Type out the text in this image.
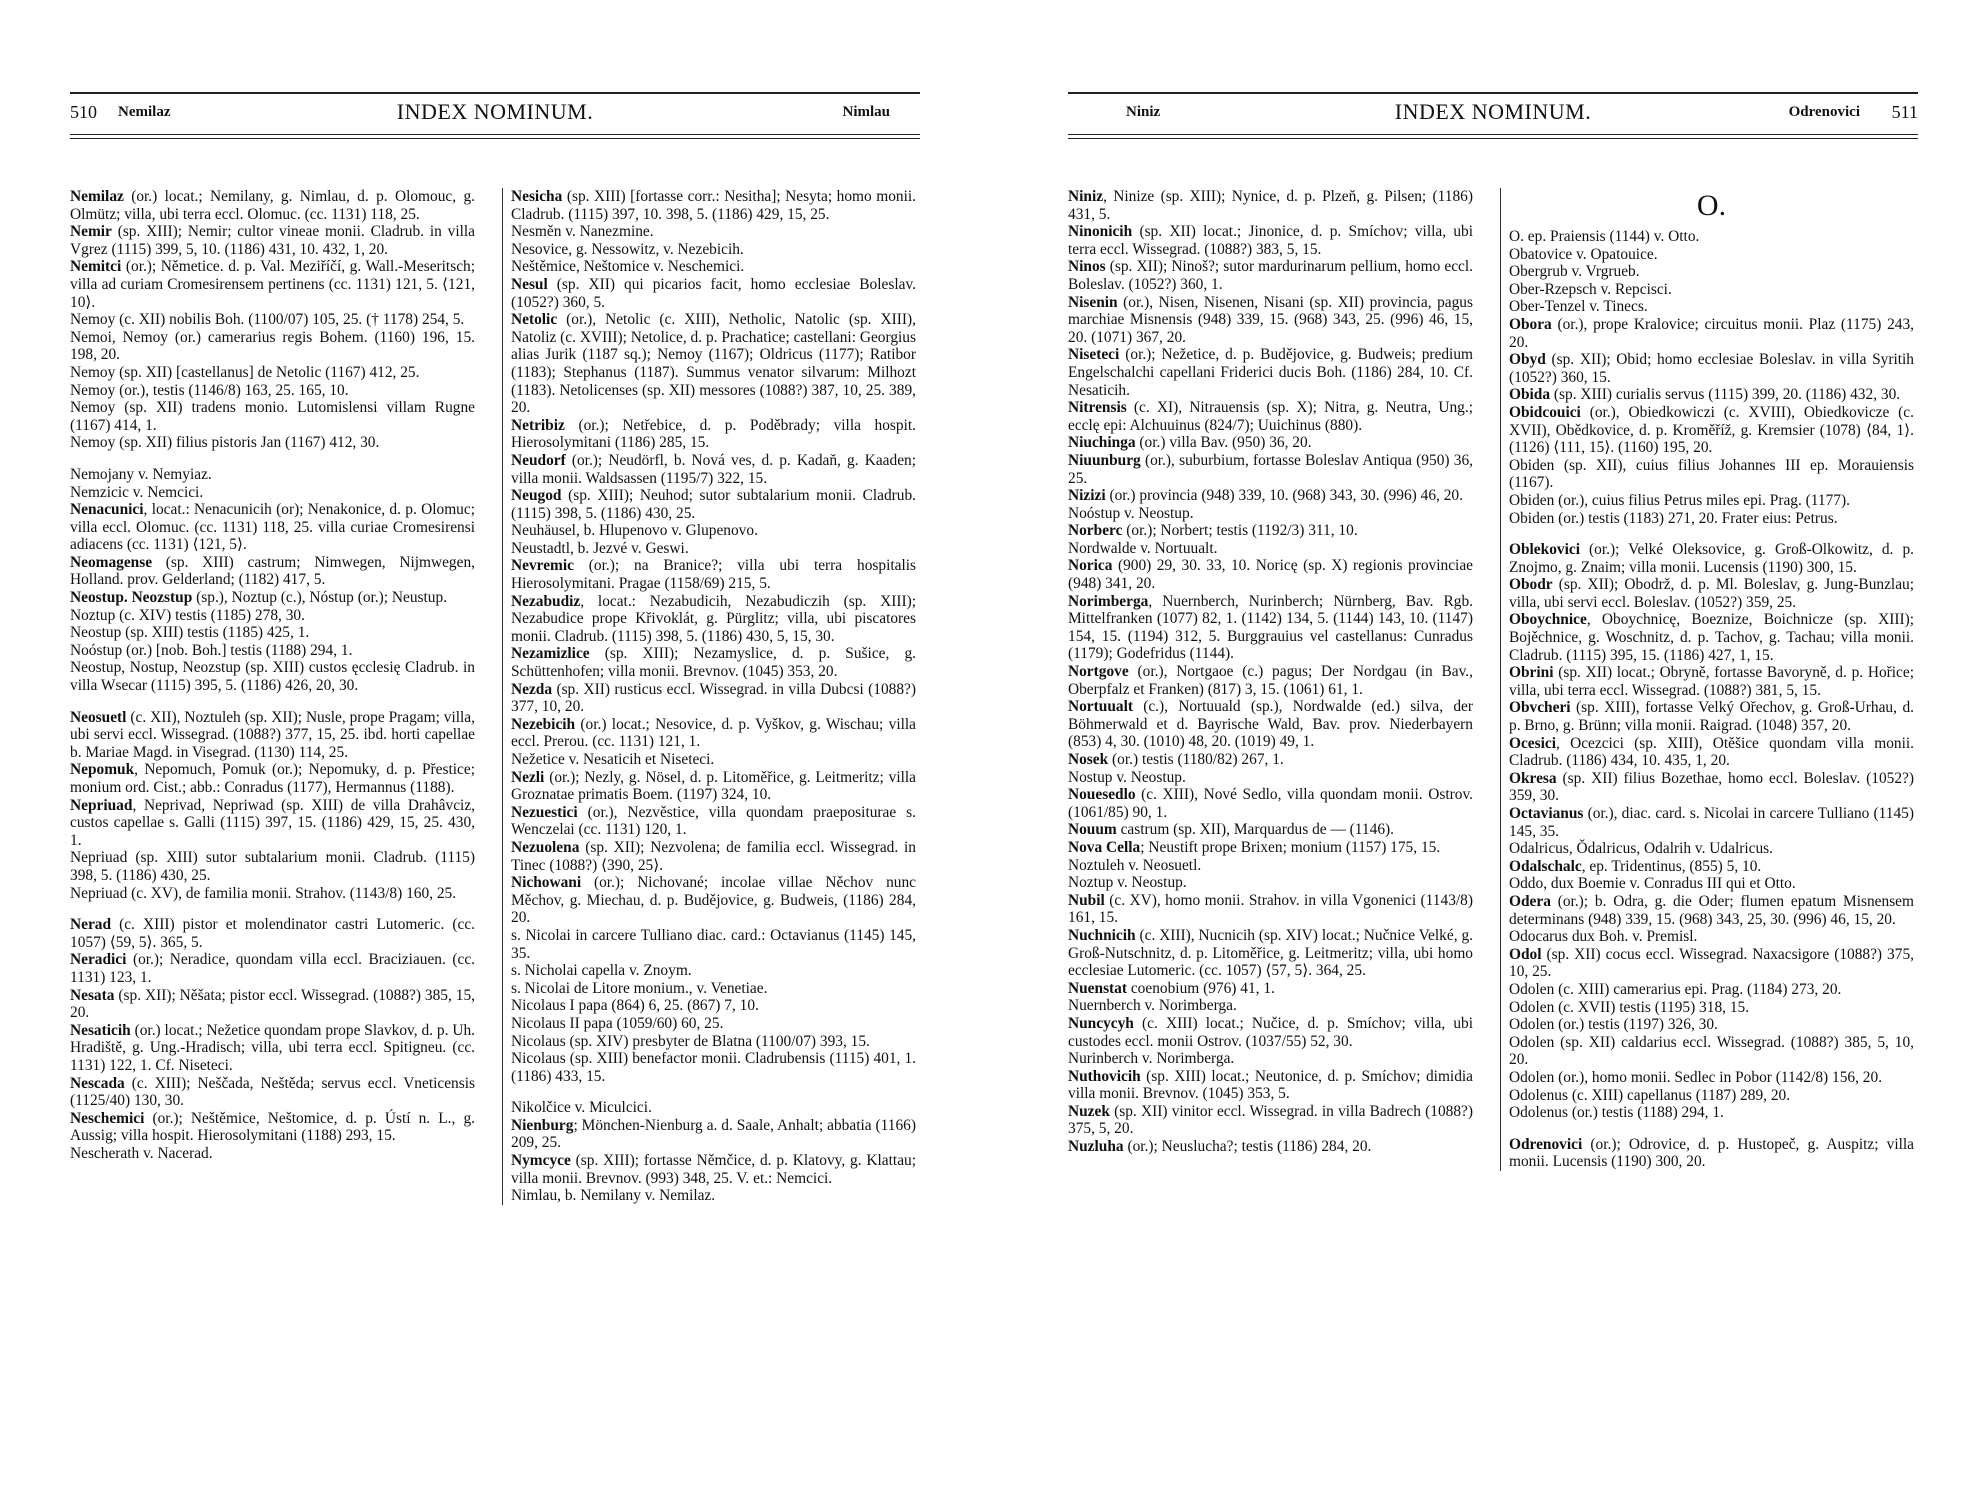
510 Nemilaz	INDEX NOMINUM.	Nimlau

Nemilaz (or.) locat.; Nemilany, g. Nimlau, d. p. Olomouc, g. Olmütz; villa, ubi terra eccl. Olomuc. (cc. 1131) 118, 25.

Nemir (sp. XIII); Nemir; cultor vineae monii. Cladrub. in villa Vgrez (1115) 399, 5, 10. (1186) 431, 10. 432, 1, 20.

Nemitci (or.); Němetice. d. p. Val. Meziříčí, g. Wall.-Meseritsch; villa ad curiam Cromesirensem pertinens (cc. 1131) 121, 5. ⟨121, 10⟩.

Nemoy (c. XII) nobilis Boh. (1100/07) 105, 25. († 1178) 254, 5.

Nemoi, Nemoy (or.) camerarius regis Bohem. (1160) 196, 15. 198, 20.

Nemoy (sp. XII) [castellanus] de Netolic (1167) 412, 25.

Nemoy (or.), testis (1146/8) 163, 25. 165, 10.

Nemoy (sp. XII) tradens monio. Lutomislensi villam Rugne (1167) 414, 1.

Nemoy (sp. XII) filius pistoris Jan (1167) 412, 30.

Nemojany v. Nemyiaz.

Nemzicic v. Nemcici.

Nenacunici, locat.: Nenacunicih (or); Nenakonice, d. p. Olomuc; villa eccl. Olomuc. (cc. 1131) 118, 25. villa curiae Cromesirensi adiacens (cc. 1131) ⟨121, 5⟩.

Neomagense (sp. XIII) castrum; Nimwegen, Nijmwegen, Holland. prov. Gelderland; (1182) 417, 5.

Neostup. Neozstup (sp.), Noztup (c.), Nóstup (or.); Neustup.

Noztup (c. XIV) testis (1185) 278, 30.

Neostup (sp. XIII) testis (1185) 425, 1.

Noóstup (or.) [nob. Boh.] testis (1188) 294, 1.

Neostup, Nostup, Neozstup (sp. XIII) custos ęcclesię Cladrub. in villa Wsecar (1115) 395, 5. (1186) 426, 20, 30.

Neosuetl (c. XII), Noztuleh (sp. XII); Nusle, prope Pragam; villa, ubi servi eccl. Wissegrad. (1088?) 377, 15, 25. ibd. horti capellae b. Mariae Magd. in Visegrad. (1130) 114, 25.

Nepomuk, Nepomuch, Pomuk (or.); Nepomuky, d. p. Přestice; monium ord. Cist.; abb.: Conradus (1177), Hermannus (1188).

Nepriuad, Neprivad, Nepriwad (sp. XIII) de villa Drahâvciz, custos capellae s. Galli (1115) 397, 15. (1186) 429, 15, 25. 430, 1.

Nepriuad (sp. XIII) sutor subtalarium monii. Cladrub. (1115) 398, 5. (1186) 430, 25.

Nepriuad (c. XV), de familia monii. Strahov. (1143/8) 160, 25.

Nerad (c. XIII) pistor et molendinator castri Lutomeric. (cc. 1057) ⟨59, 5⟩. 365, 5.

Neradici (or.); Neradice, quondam villa eccl. Braciziauen. (cc. 1131) 123, 1.

Nesata (sp. XII); Něšata; pistor eccl. Wissegrad. (1088?) 385, 15, 20.

Nesaticih (or.) locat.; Nežetice quondam prope Slavkov, d. p. Uh. Hradiště, g. Ung.-Hradisch; villa, ubi terra eccl. Spitigneu. (cc. 1131) 122, 1. Cf. Niseteci.

Nescada (c. XIII); Neščada, Neštěda; servus eccl. Vneticensis (1125/40) 130, 30.

Neschemici (or.); Neštěmice, Neštomice, d. p. Ústí n. L., g. Aussig; villa hospit. Hierosolymitani (1188) 293, 15.

Nescherath v. Nacerad.

Nesicha (sp. XIII) [fortasse corr.: Nesitha]; Nesyta; homo monii. Cladrub. (1115) 397, 10. 398, 5. (1186) 429, 15, 25.

Nesměn v. Nanezmine.

Nesovice, g. Nessowitz, v. Nezebicih.

Neštěmice, Neštomice v. Neschemici.

Nesul (sp. XII) qui picarios facit, homo ecclesiae Boleslav. (1052?) 360, 5.

Netolic (or.), Netolic (c. XIII), Netholic, Natolic (sp. XIII), Natoliz (c. XVIII); Netolice, d. p. Prachatice; castellani: Georgius alias Jurik (1187 sq.); Nemoy (1167); Oldricus (1177); Ratibor (1183); Stephanus (1187). Summus venator silvarum: Milhozt (1183). Netolicenses (sp. XII) messores (1088?) 387, 10, 25. 389, 20.

Netribiz (or.); Netřebice, d. p. Poděbrady; villa hospit. Hierosolymitani (1186) 285, 15.

Neudorf (or.); Neudörfl, b. Nová ves, d. p. Kadaň, g. Kaaden; villa monii. Waldsassen (1195/7) 322, 15.

Neugod (sp. XIII); Neuhod; sutor subtalarium monii. Cladrub. (1115) 398, 5. (1186) 430, 25.

Neuhäusel, b. Hlupenovo v. Glupenovo.

Neustadtl, b. Jezvé v. Geswi.

Nevremic (or.); na Branice?; villa ubi terra hospitalis Hierosolymitani. Pragae (1158/69) 215, 5.

Nezabudiz, locat.: Nezabudicih, Nezabudiczih (sp. XIII); Nezabudice prope Křivoklát, g. Pürglitz; villa, ubi piscatores monii. Cladrub. (1115) 398, 5. (1186) 430, 5, 15, 30.

Nezamizlice (sp. XIII); Nezamyslice, d. p. Sušice, g. Schüttenhofen; villa monii. Brevnov. (1045) 353, 20.

Nezda (sp. XII) rusticus eccl. Wissegrad. in villa Dubcsi (1088?) 377, 10, 20.

Nezebicih (or.) locat.; Nesovice, d. p. Vyškov, g. Wischau; villa eccl. Prerou. (cc. 1131) 121, 1.

Nežetice v. Nesaticih et Niseteci.

Nezli (or.); Nezly, g. Nösel, d. p. Litoměřice, g. Leitmeritz; villa Groznatae primatis Boem. (1197) 324, 10.

Nezuestici (or.), Nezvěstice, villa quondam praepositurae s. Wenczelai (cc. 1131) 120, 1.

Nezuolena (sp. XII); Nezvolena; de familia eccl. Wissegrad. in Tinec (1088?) ⟨390, 25⟩.

Nichowani (or.); Nichované; incolae villae Něchov nunc Měchov, g. Miechau, d. p. Budějovice, g. Budweis, (1186) 284, 20.

s. Nicolai in carcere Tulliano diac. card.: Octavianus (1145) 145, 35.

s. Nicholai capella v. Znoym.

s. Nicolai de Litore monium., v. Venetiae.

Nicolaus I papa (864) 6, 25. (867) 7, 10.

Nicolaus II papa (1059/60) 60, 25.

Nicolaus (sp. XIV) presbyter de Blatna (1100/07) 393, 15.

Nicolaus (sp. XIII) benefactor monii. Cladrubensis (1115) 401, 1. (1186) 433, 15.

Nikolčice v. Miculcici.

Nienburg; Mönchen-Nienburg a. d. Saale, Anhalt; abbatia (1166) 209, 25.

Nymcyce (sp. XIII); fortasse Němčice, d. p. Klatovy, g. Klattau; villa monii. Brevnov. (993) 348, 25. V. et.: Nemcici.

Nimlau, b. Nemilany v. Nemilaz.

Niniz	INDEX NOMINUM.	Odrenovici 511

Niniz, Ninize (sp. XIII); Nynice, d. p. Plzeň, g. Pilsen; (1186) 431, 5.

Ninonicih (sp. XII) locat.; Jinonice, d. p. Smíchov; villa, ubi terra eccl. Wissegrad. (1088?) 383, 5, 15.

Ninos (sp. XII); Ninoš?; sutor mardurinarum pellium, homo eccl. Boleslav. (1052?) 360, 1.

Nisenin (or.), Nisen, Nisenen, Nisani (sp. XII) provincia, pagus marchiae Misnensis (948) 339, 15. (968) 343, 25. (996) 46, 15, 20. (1071) 367, 20.

Niseteci (or.); Nežetice, d. p. Budějovice, g. Budweis; predium Engelschalchi capellani Friderici ducis Boh. (1186) 284, 10. Cf. Nesaticih.

Nitrensis (c. XI), Nitrauensis (sp. X); Nitra, g. Neutra, Ung.; ecclę epi: Alchuuinus (824/7); Uuichinus (880).

Niuchinga (or.) villa Bav. (950) 36, 20.

Niuunburg (or.), suburbium, fortasse Boleslav Antiqua (950) 36, 25.

Nizizi (or.) provincia (948) 339, 10. (968) 343, 30. (996) 46, 20.

Noóstup v. Neostup.

Norberc (or.); Norbert; testis (1192/3) 311, 10.

Nordwalde v. Nortuualt.

Norica (900) 29, 30. 33, 10. Noricę (sp. X) regionis provinciae (948) 341, 20.

Norimberga, Nuernberch, Nurinberch; Nürnberg, Bav. Rgb. Mittelfranken (1077) 82, 1. (1142) 134, 5. (1144) 143, 10. (1147) 154, 15. (1194) 312, 5. Burggrauius vel castellanus: Cunradus (1179); Godefridus (1144).

Nortgove (or.), Nortgaoe (c.) pagus; Der Nordgau (in Bav., Oberpfalz et Franken) (817) 3, 15. (1061) 61, 1.

Nortuualt (c.), Nortuuald (sp.), Nordwalde (ed.) silva, der Böhmerwald et d. Bayrische Wald, Bav. prov. Niederbayern (853) 4, 30. (1010) 48, 20. (1019) 49, 1.

Nosek (or.) testis (1180/82) 267, 1.

Nostup v. Neostup.

Nouesedlo (c. XIII), Nové Sedlo, villa quondam monii. Ostrov. (1061/85) 90, 1.

Nouum castrum (sp. XII), Marquardus de — (1146).

Nova Cella; Neustift prope Brixen; monium (1157) 175, 15.

Noztuleh v. Neosuetl.

Noztup v. Neostup.

Nubil (c. XV), homo monii. Strahov. in villa Vgonenici (1143/8) 161, 15.

Nuchnicih (c. XIII), Nucnicih (sp. XIV) locat.; Nučnice Velké, g. Groß-Nutschnitz, d. p. Litoměřice, g. Leitmeritz; villa, ubi homo ecclesiae Lutomeric. (cc. 1057) ⟨57, 5⟩. 364, 25.

Nuenstat coenobium (976) 41, 1.

Nuernberch v. Norimberga.

Nuncycyh (c. XIII) locat.; Nučice, d. p. Smíchov; villa, ubi custodes eccl. monii Ostrov. (1037/55) 52, 30.

Nurinberch v. Norimberga.

Nuthovicih (sp. XIII) locat.; Neutonice, d. p. Smíchov; dimidia villa monii. Brevnov. (1045) 353, 5.

Nuzek (sp. XII) vinitor eccl. Wissegrad. in villa Badrech (1088?) 375, 5, 20.

Nuzluha (or.); Neuslucha?; testis (1186) 284, 20.

O.

O. ep. Praiensis (1144) v. Otto.

Obatovice v. Opatouice.

Obergrub v. Vrgrueb.

Ober-Rzepsch v. Repcisci.

Ober-Tenzel v. Tinecs.

Obora (or.), prope Kralovice; circuitus monii. Plaz (1175) 243, 20.

Obyd (sp. XII); Obid; homo ecclesiae Boleslav. in villa Syritih (1052?) 360, 15.

Obida (sp. XIII) curialis servus (1115) 399, 20. (1186) 432, 30.

Obidcouici (or.), Obiedkowiczi (c. XVIII), Obiedkovicze (c. XVII), Obědkovice, d. p. Kroměříž, g. Kremsier (1078) ⟨84, 1⟩. (1126) ⟨111, 15⟩. (1160) 195, 20.

Obiden (sp. XII), cuius filius Johannes III ep. Morauiensis (1167).

Obiden (or.), cuius filius Petrus miles epi. Prag. (1177).

Obiden (or.) testis (1183) 271, 20. Frater eius: Petrus.

Oblekovici (or.); Velké Oleksovice, g. Groß-Olkowitz, d. p. Znojmo, g. Znaim; villa monii. Lucensis (1190) 300, 15.

Obodr (sp. XII); Obodrž, d. p. Ml. Boleslav, g. Jung-Bunzlau; villa, ubi servi eccl. Boleslav. (1052?) 359, 25.

Oboychnice, Oboychnicę, Boeznize, Boichnicze (sp. XIII); Bojěchnice, g. Woschnitz, d. p. Tachov, g. Tachau; villa monii. Cladrub. (1115) 395, 15. (1186) 427, 1, 15.

Obrini (sp. XII) locat.; Obryně, fortasse Bavoryně, d. p. Hořice; villa, ubi terra eccl. Wissegrad. (1088?) 381, 5, 15.

Obvcheri (sp. XIII), fortasse Velký Ořechov, g. Groß-Urhau, d. p. Brno, g. Brünn; villa monii. Raigrad. (1048) 357, 20.

Ocesici, Ocezcici (sp. XIII), Otěšice quondam villa monii. Cladrub. (1186) 434, 10. 435, 1, 20.

Okresa (sp. XII) filius Bozethae, homo eccl. Boleslav. (1052?) 359, 30.

Octavianus (or.), diac. card. s. Nicolai in carcere Tulliano (1145) 145, 35.

Odalricus, Ǒdalricus, Odalrih v. Udalricus.

Odalschalc, ep. Tridentinus, (855) 5, 10.

Oddo, dux Boemie v. Conradus III qui et Otto.

Odera (or.); b. Odra, g. die Oder; flumen epatum Misnensem determinans (948) 339, 15. (968) 343, 25, 30. (996) 46, 15, 20.

Odocarus dux Boh. v. Premisl.

Odol (sp. XII) cocus eccl. Wissegrad. Naxacsigore (1088?) 375, 10, 25.

Odolen (c. XIII) camerarius epi. Prag. (1184) 273, 20.

Odolen (c. XVII) testis (1195) 318, 15.

Odolen (or.) testis (1197) 326, 30.

Odolen (sp. XII) caldarius eccl. Wissegrad. (1088?) 385, 5, 10, 20.

Odolen (or.), homo monii. Sedlec in Pobor (1142/8) 156, 20.

Odolenus (c. XIII) capellanus (1187) 289, 20.

Odolenus (or.) testis (1188) 294, 1.

Odrenovici (or.); Odrovice, d. p. Hustopeč, g. Auspitz; villa monii. Lucensis (1190) 300, 20.
